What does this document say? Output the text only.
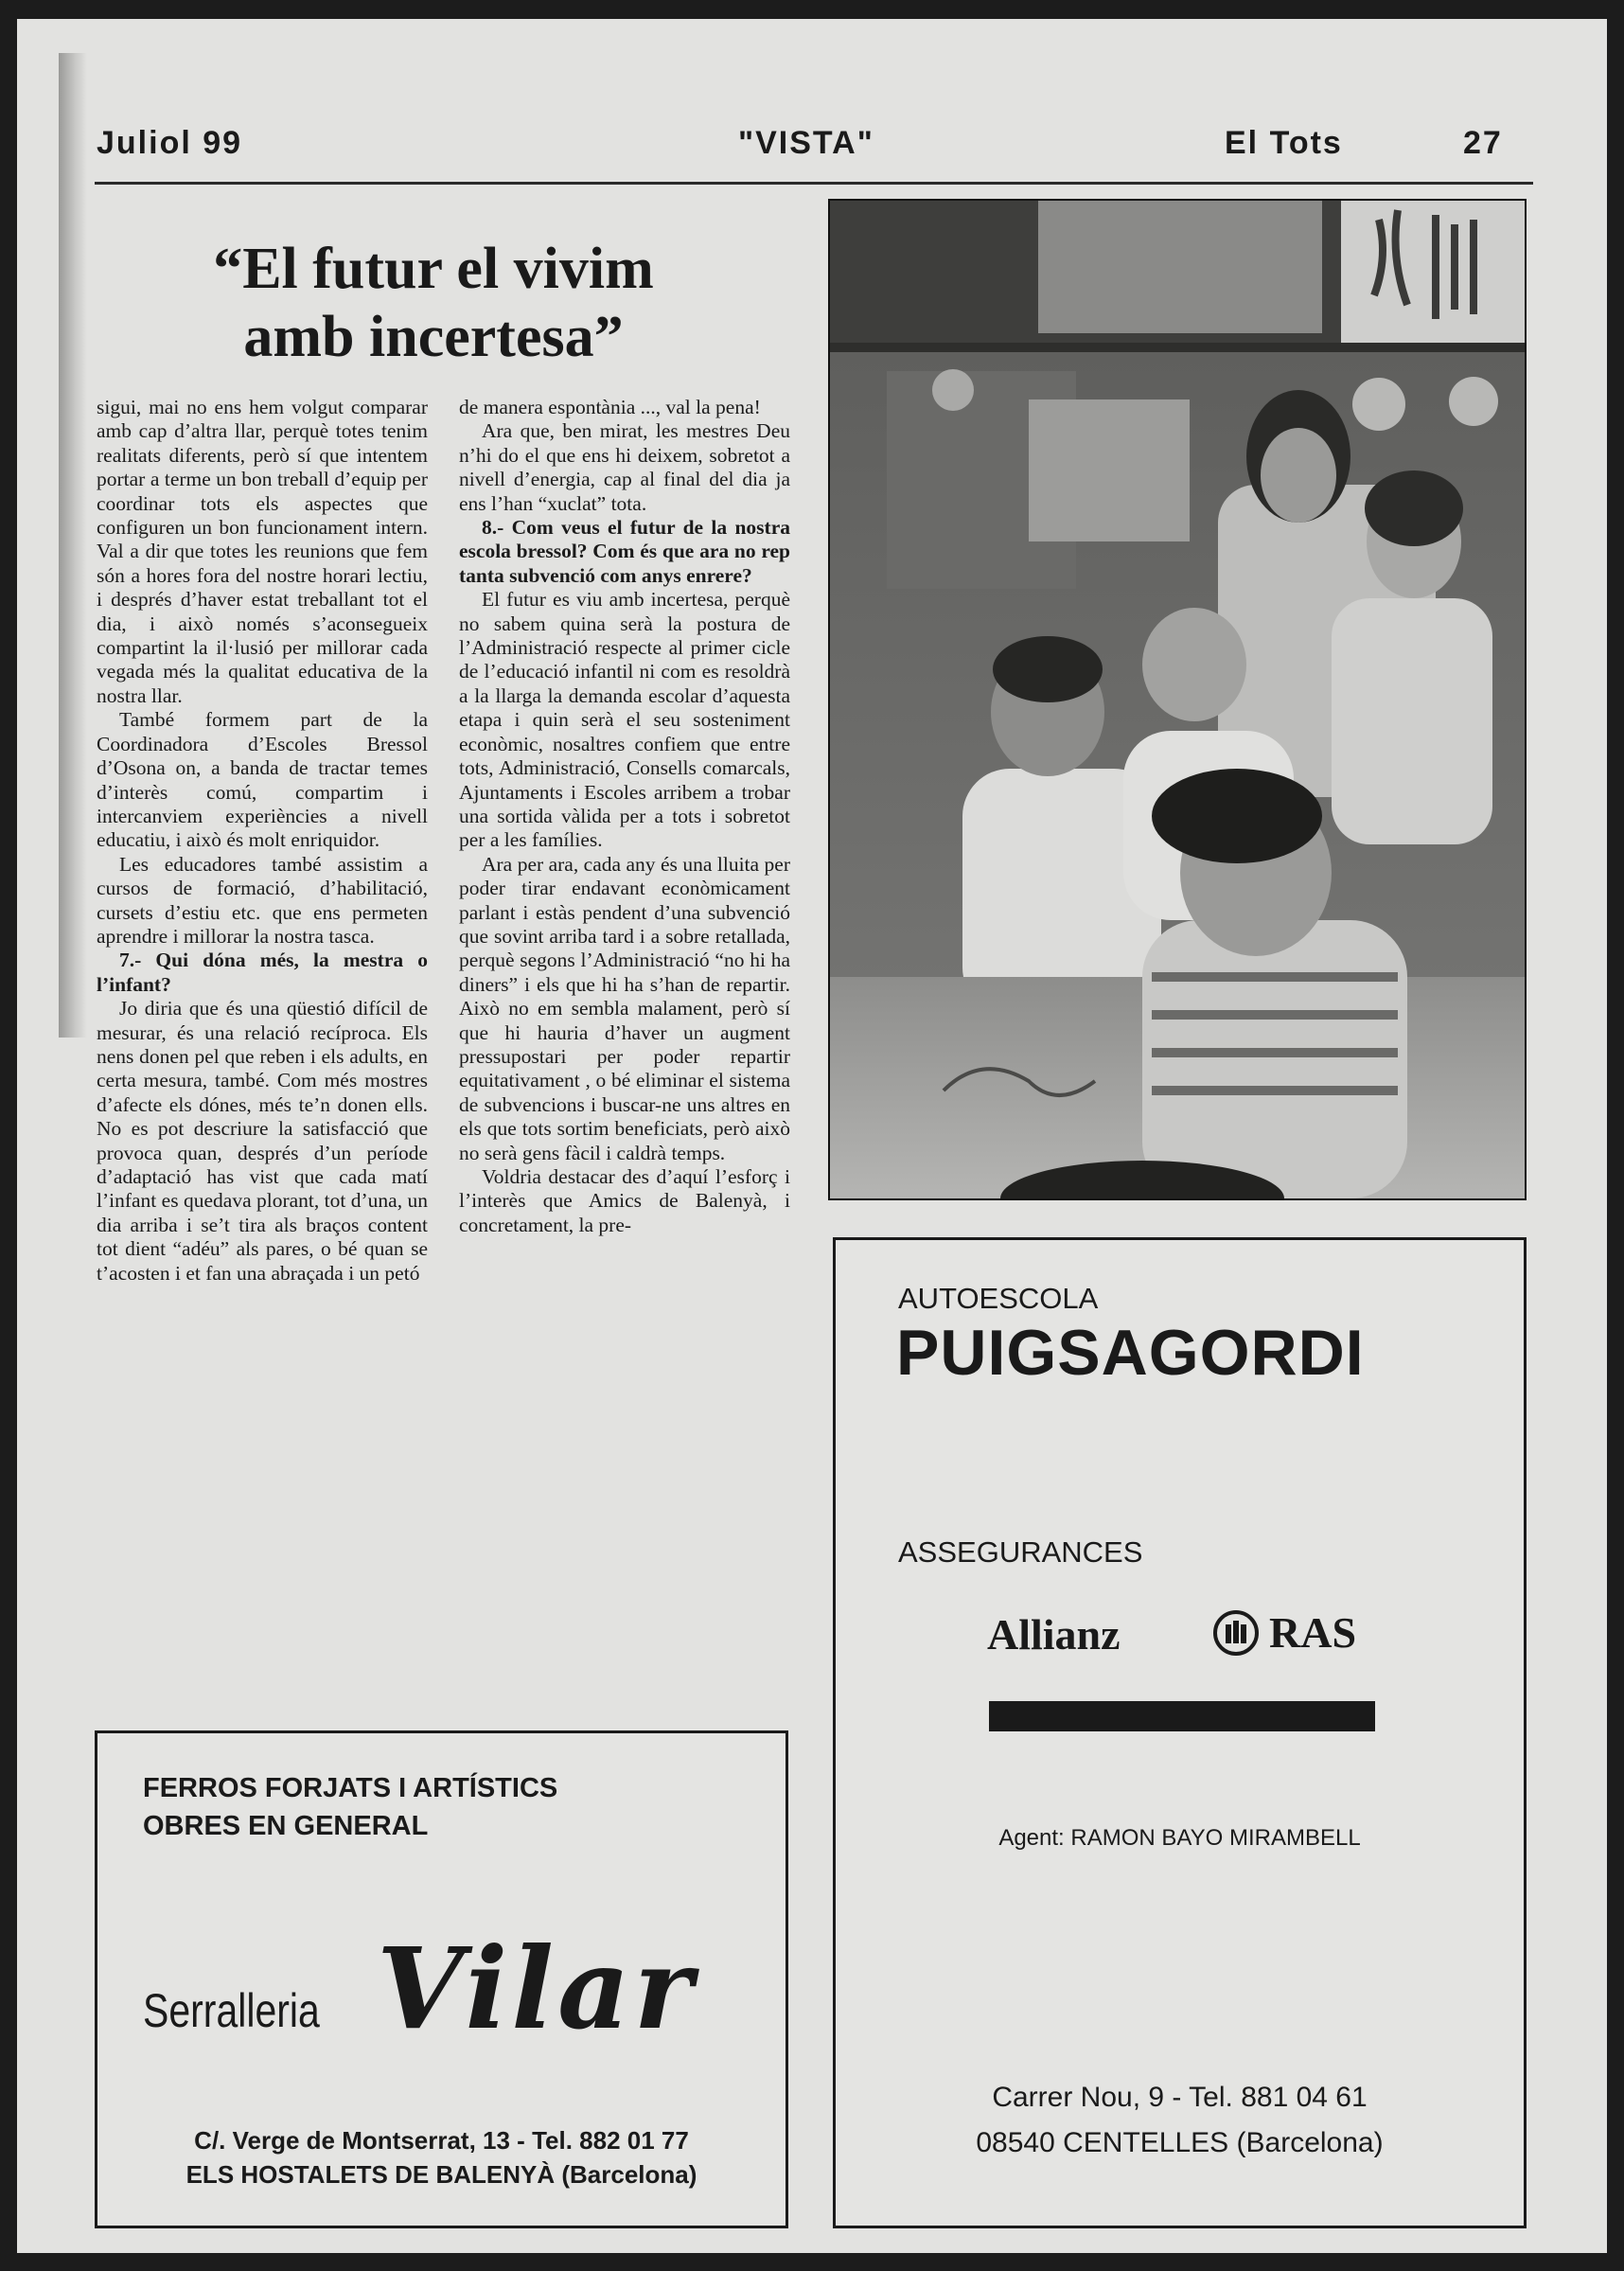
Juliol 99	"VISTA"	El Tots	27
“El futur el vivim
amb incertesa”

sigui, mai no ens hem volgut comparar amb cap d’altra llar, perquè totes tenim realitats diferents, però sí que intentem portar a terme un bon treball d’equip per coordinar tots els aspectes que configuren un bon funcionament intern. Val a dir que totes les reunions que fem són a hores fora del nostre horari lectiu, i després d’haver estat treballant tot el dia, i això només s’aconsegueix compartint la il·lusió per millorar cada vegada més la qualitat educativa de la nostra llar.

També formem part de la Coordinadora d’Escoles Bressol d’Osona on, a banda de tractar temes d’interès comú, compartim i intercanviem experiències a nivell educatiu, i això és molt enriquidor.

Les educadores també assistim a cursos de formació, d’habilitació, cursets d’estiu etc. que ens permeten aprendre i millorar la nostra tasca.

7.- Qui dóna més, la mestra o l’infant?

Jo diria que és una qüestió difícil de mesurar, és una relació recíproca. Els nens donen pel que reben i els adults, en certa mesura, també. Com més mostres d’afecte els dónes, més te’n donen ells. No es pot descriure la satisfacció que provoca quan, després d’un període d’adaptació has vist que cada matí l’infant es quedava plorant, tot d’una, un dia arriba i se’t tira als braços content tot dient “adéu” als pares, o bé quan se t’acosten i et fan una abraçada i un petó

de manera espontània ..., val la pena!

Ara que, ben mirat, les mestres Deu n’hi do el que ens hi deixem, sobretot a nivell d’energia, cap al final del dia ja ens l’han “xuclat” tota.

8.- Com veus el futur de la nostra escola bressol? Com és que ara no rep tanta subvenció com anys enrere?

El futur es viu amb incertesa, perquè no sabem quina serà la postura de l’Administració respecte al primer cicle de l’educació infantil ni com es resoldrà a la llarga la demanda escolar d’aquesta etapa i quin serà el seu sosteniment econòmic, nosaltres confiem que entre tots, Administració, Consells comarcals, Ajuntaments i Escoles arribem a trobar una sortida vàlida per a tots i sobretot per a les famílies.

Ara per ara, cada any és una lluita per poder tirar endavant econòmicament parlant i estàs pendent d’una subvenció que sovint arriba tard i a sobre retallada, perquè segons l’Administració “no hi ha diners” i els que hi ha s’han de repartir. Això no em sembla malament, però sí que hi hauria d’haver un augment pressupostari per poder repartir equitativament , o bé eliminar el sistema de subvencions i buscar-ne uns altres en els que tots sortim beneficiats, però això no serà gens fàcil i caldrà temps.

Voldria destacar des d’aquí l’esforç i l’interès que Amics de Balenyà, i concretament, la pre-

FERROS FORJATS I ARTÍSTICS
OBRES EN GENERAL
Serralleria Vilar
C/. Verge de Montserrat, 13 - Tel. 882 01 77
ELS HOSTALETS DE BALENYÀ (Barcelona)
AUTOESCOLA
PUIGSAGORDI
ASSEGURANCES
Allianz	RAS
Agent: RAMON BAYO MIRAMBELL
Carrer Nou, 9 - Tel. 881 04 61
08540 CENTELLES (Barcelona)
